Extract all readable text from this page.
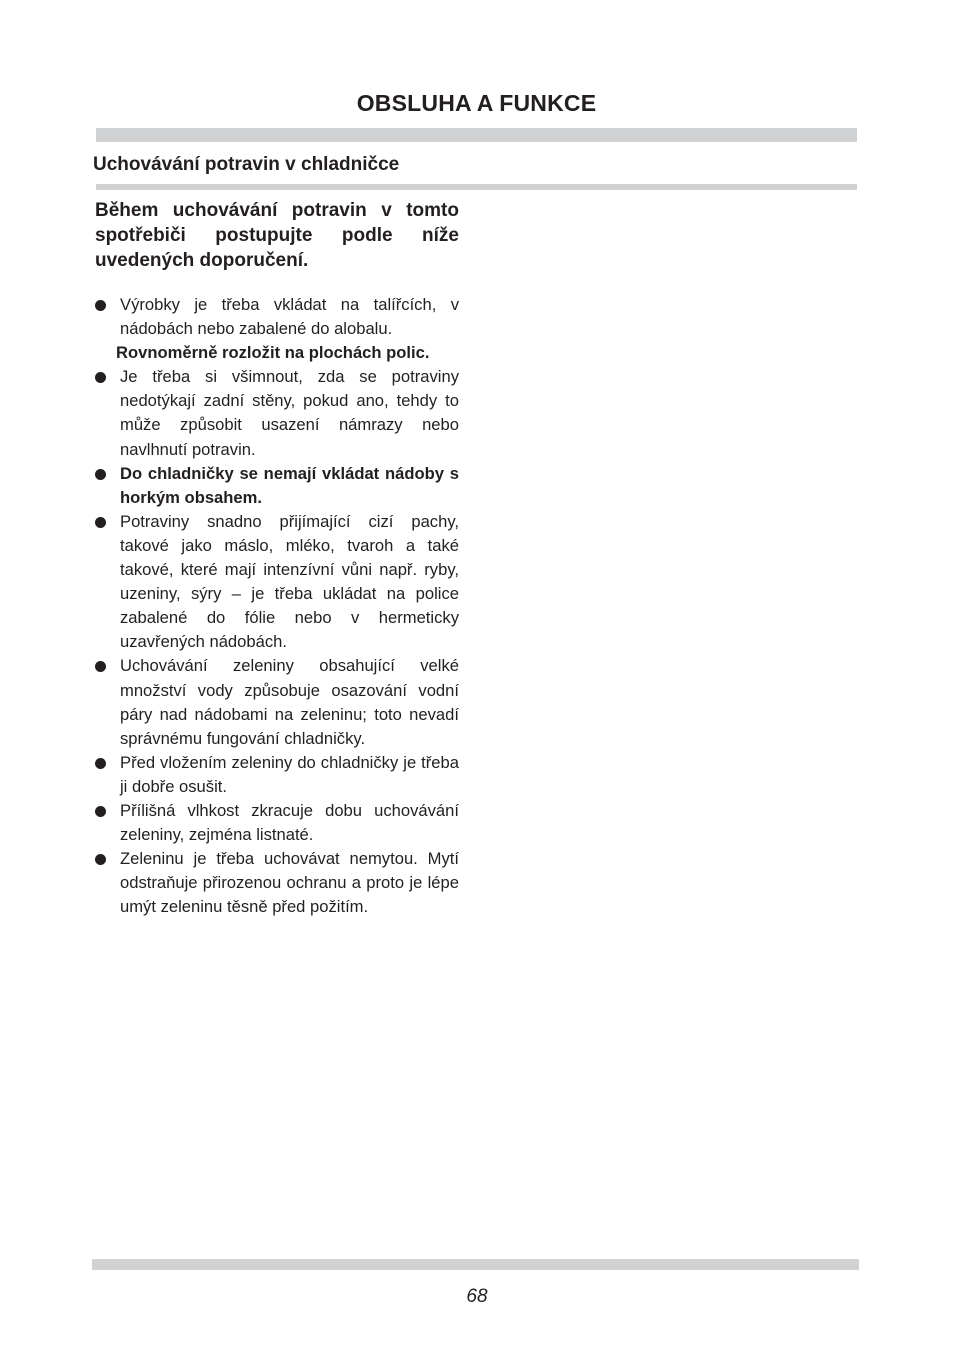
OBSLUHA A FUNKCE
Uchovávání potravin v chladničce

Během uchovávání potravin v tomto spotřebiči postupujte podle níže uvedených doporučení.

Výrobky je třeba vkládat na talířcích, v nádobách nebo zabalené do alobalu.
Rovnoměrně rozložit na plochách polic.
Je třeba si všimnout, zda se potraviny nedotýkají zadní stěny, pokud ano, tehdy to může způsobit usazení námrazy nebo navlhnutí potravin.
Do chladničky se nemají vkládat nádoby s horkým obsahem.
Potraviny snadno přijímající cizí pachy, takové jako máslo, mléko, tvaroh a také takové, které mají intenzívní vůni např. ryby, uzeniny, sýry – je třeba ukládat na police zabalené do fólie nebo v hermeticky uzavřených nádobách.
Uchovávání zeleniny obsahující velké množství vody způsobuje osazování vodní páry nad nádobami na zeleninu; toto nevadí správnému fungování chladničky.
Před vložením zeleniny do chladničky je třeba ji dobře osušit.
Přílišná vlhkost zkracuje dobu uchovávání zeleniny, zejména listnaté.
Zeleninu je třeba uchovávat nemytou. Mytí odstraňuje přirozenou ochranu a proto je lépe umýt zeleninu těsně před požitím.

68
